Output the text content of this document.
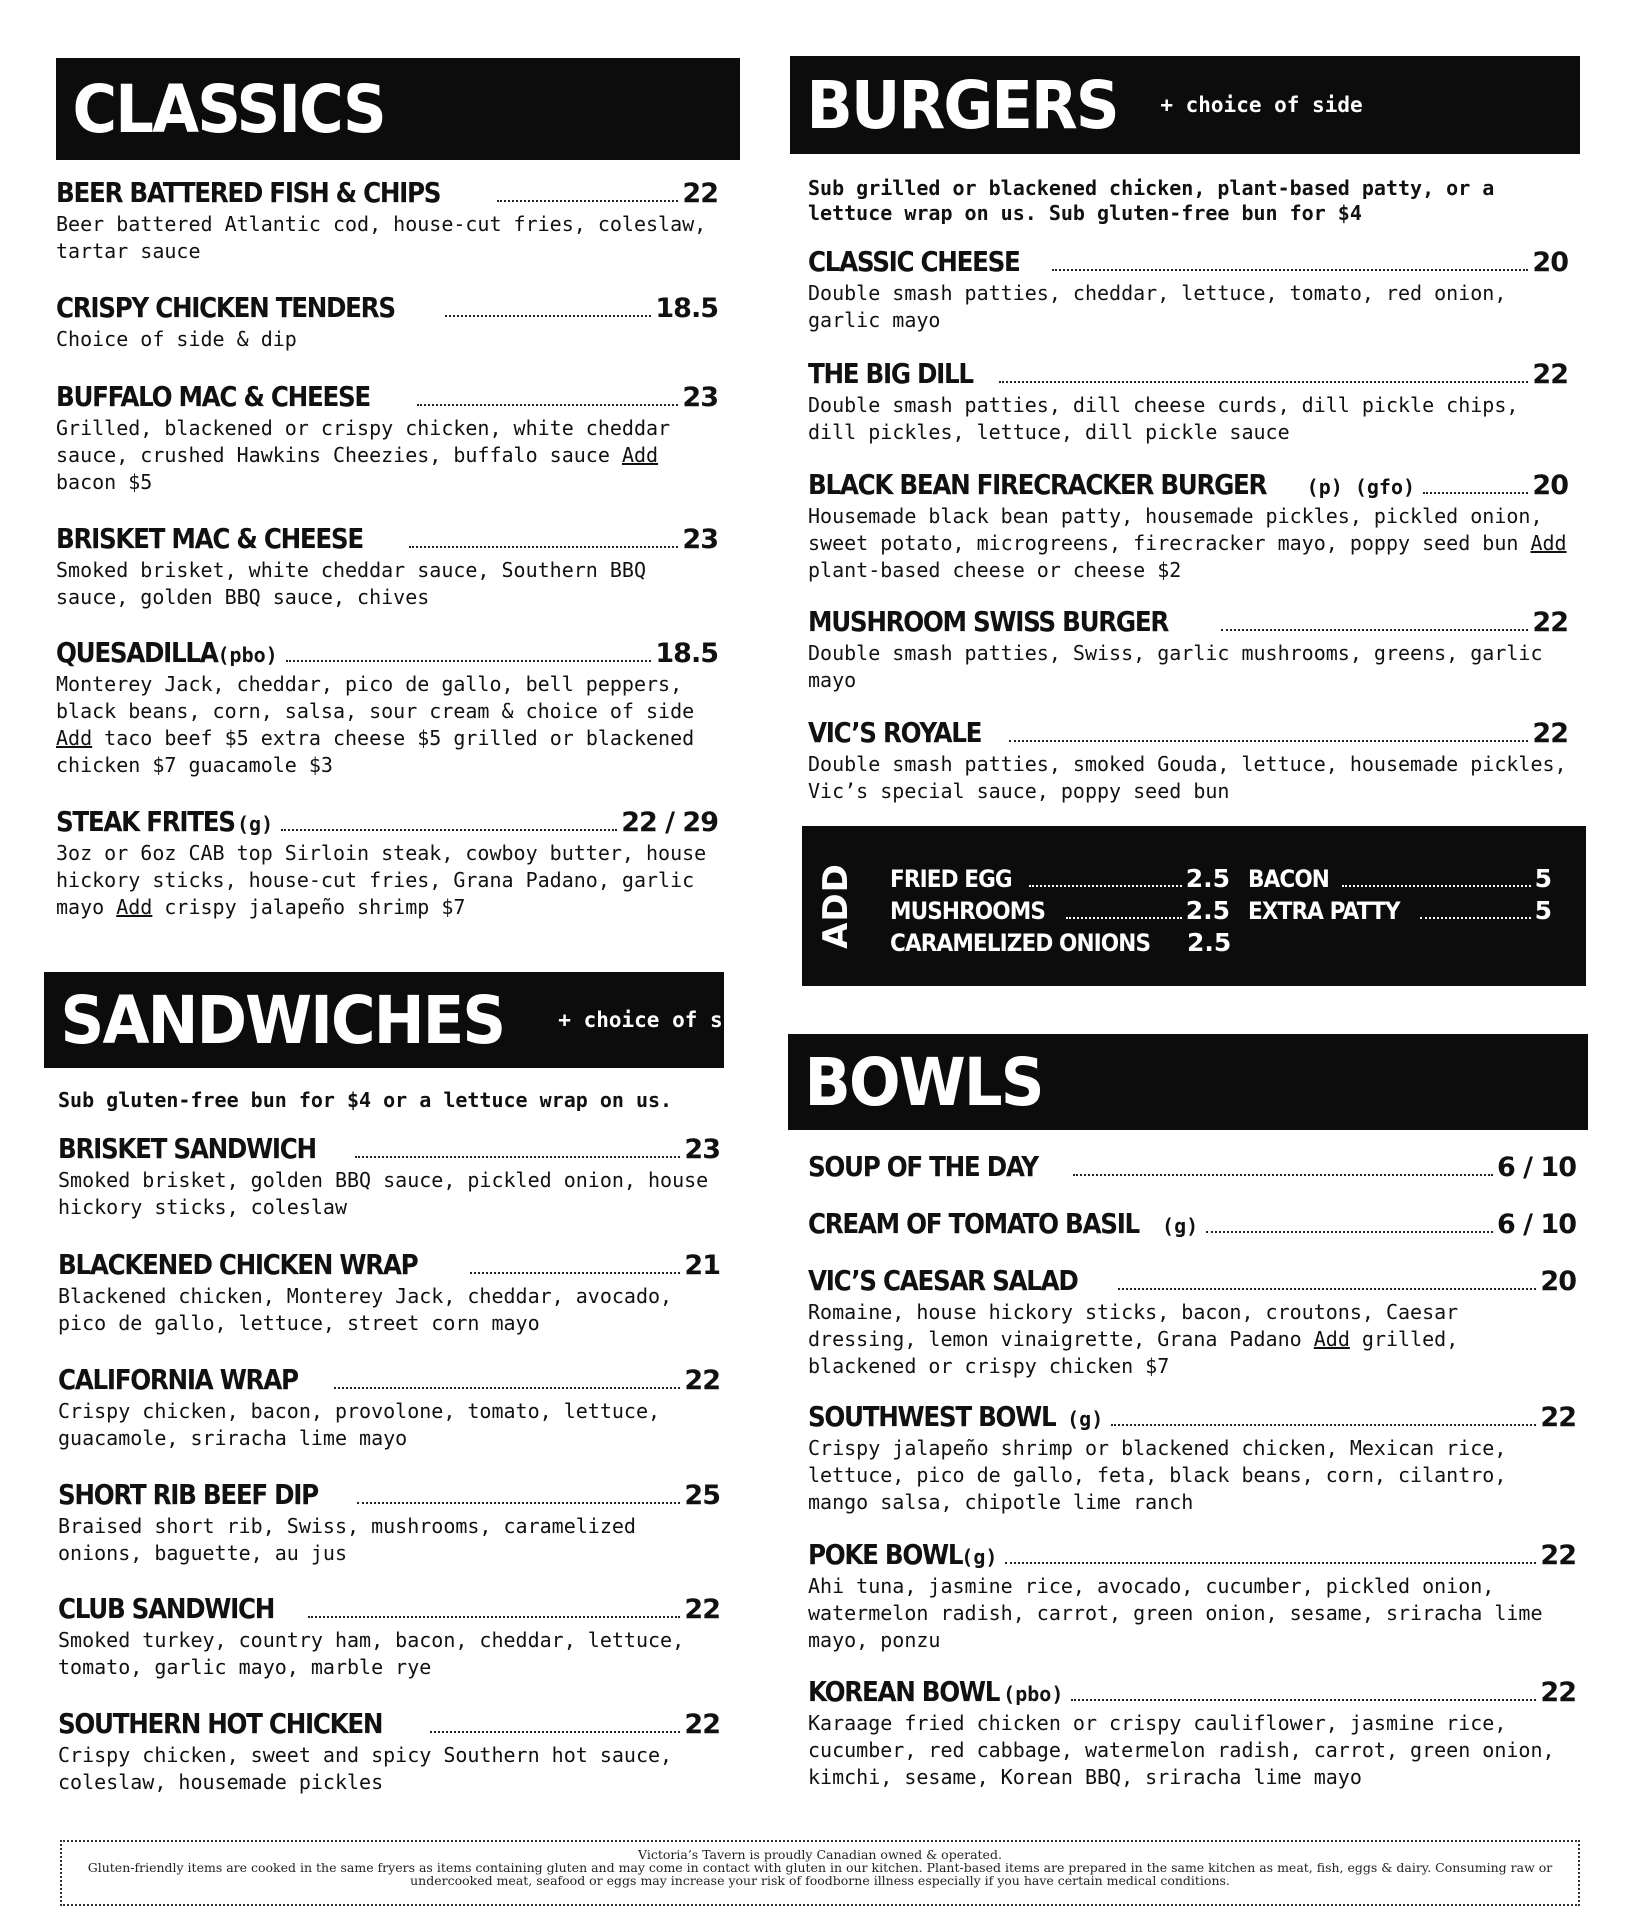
CLASSICS
BEER BATTERED FISH & CHIPS	22
Beer battered Atlantic cod, house-cut fries, coleslaw, tartar sauce
CRISPY CHICKEN TENDERS	18.5
Choice of side & dip
BUFFALO MAC & CHEESE	23
Grilled, blackened or crispy chicken, white cheddar sauce, crushed Hawkins Cheezies, buffalo sauce Add bacon $5
BRISKET MAC & CHEESE	23
Smoked brisket, white cheddar sauce, Southern BBQ sauce, golden BBQ sauce, chives
QUESADILLA (pbo)	18.5
Monterey Jack, cheddar, pico de gallo, bell peppers, black beans, corn, salsa, sour cream & choice of side Add taco beef $5 extra cheese $5 grilled or blackened chicken $7 guacamole $3
STEAK FRITES (g)	22 / 29
3oz or 6oz CAB top Sirloin steak, cowboy butter, house hickory sticks, house-cut fries, Grana Padano, garlic mayo Add crispy jalapeño shrimp $7
SANDWICHES	+ choice of side
Sub gluten-free bun for $4 or a lettuce wrap on us.
BRISKET SANDWICH	23
Smoked brisket, golden BBQ sauce, pickled onion, house hickory sticks, coleslaw
BLACKENED CHICKEN WRAP	21
Blackened chicken, Monterey Jack, cheddar, avocado, pico de gallo, lettuce, street corn mayo
CALIFORNIA WRAP	22
Crispy chicken, bacon, provolone, tomato, lettuce, guacamole, sriracha lime mayo
SHORT RIB BEEF DIP	25
Braised short rib, Swiss, mushrooms, caramelized onions, baguette, au jus
CLUB SANDWICH	22
Smoked turkey, country ham, bacon, cheddar, lettuce, tomato, garlic mayo, marble rye
SOUTHERN HOT CHICKEN	22
Crispy chicken, sweet and spicy Southern hot sauce, coleslaw, housemade pickles
BURGERS + choice of side
Sub grilled or blackened chicken, plant-based patty, or a lettuce wrap on us. Sub gluten-free bun for $4
CLASSIC CHEESE	20
Double smash patties, cheddar, lettuce, tomato, red onion, garlic mayo
THE BIG DILL	22
Double smash patties, dill cheese curds, dill pickle chips, dill pickles, lettuce, dill pickle sauce
BLACK BEAN FIRECRACKER BURGER (p) (gfo)	20
Housemade black bean patty, housemade pickles, pickled onion, sweet potato, microgreens, firecracker mayo, poppy seed bun Add plant-based cheese or cheese $2
MUSHROOM SWISS BURGER	22
Double smash patties, Swiss, garlic mushrooms, greens, garlic mayo
VIC’S ROYALE	22
Double smash patties, smoked Gouda, lettuce, housemade pickles, Vic’s special sauce, poppy seed bun
ADD FRIED EGG	2.5
MUSHROOMS	2.5
CARAMELIZED ONIONS 2.5
BACON	5
EXTRA PATTY	5
BOWLS
SOUP OF THE DAY	6 / 10
CREAM OF TOMATO BASIL (g)	6 / 10
VIC’S CAESAR SALAD	20
Romaine, house hickory sticks, bacon, croutons, Caesar dressing, lemon vinaigrette, Grana Padano Add grilled, blackened or crispy chicken $7
SOUTHWEST BOWL (g)	22
Crispy jalapeño shrimp or blackened chicken, Mexican rice, lettuce, pico de gallo, feta, black beans, corn, cilantro, mango salsa, chipotle lime ranch
POKE BOWL (g)	22
Ahi tuna, jasmine rice, avocado, cucumber, pickled onion, watermelon radish, carrot, green onion, sesame, sriracha lime mayo, ponzu
KOREAN BOWL (pbo)	22
Karaage fried chicken or crispy cauliflower, jasmine rice, cucumber, red cabbage, watermelon radish, carrot, green onion, kimchi, sesame, Korean BBQ, sriracha lime mayo
Victoria’s Tavern is proudly Canadian owned & operated.
Gluten-friendly items are cooked in the same fryers as items containing gluten and may come in contact with gluten in our kitchen. Plant-based items are prepared in the same kitchen as meat, fish, eggs & dairy. Consuming raw or undercooked meat, seafood or eggs may increase your risk of foodborne illness especially if you have certain medical conditions.
